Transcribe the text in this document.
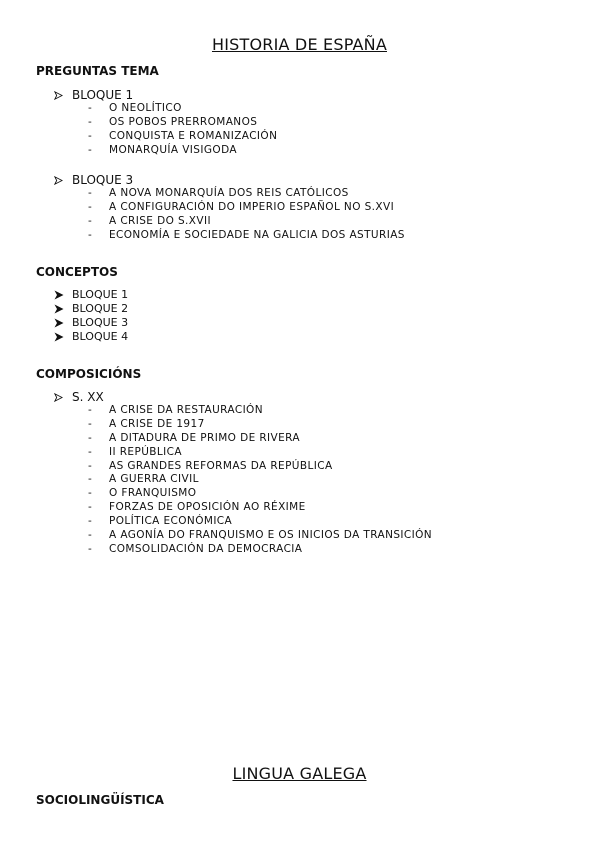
HISTORIA DE ESPAÑA
PREGUNTAS TEMA
BLOQUE 1
-	O NEOLÍTICO
-	OS POBOS PRERROMANOS
-	CONQUISTA E ROMANIZACIÓN
-	MONARQUÍA VISIGODA
BLOQUE 3
-	A NOVA MONARQUÍA DOS REIS CATÓLICOS
-	A CONFIGURACIÓN DO IMPERIO ESPAÑOL NO S.XVI
-	A CRISE DO S.XVII
-	ECONOMÍA E SOCIEDADE NA GALICIA DOS ASTURIAS
CONCEPTOS
BLOQUE 1
BLOQUE 2
BLOQUE 3
BLOQUE 4
COMPOSICIÓNS
S. XX
-	A CRISE DA RESTAURACIÓN
-	A CRISE DE 1917
-	A DITADURA DE PRIMO DE RIVERA
-	II REPÚBLICA
-	AS GRANDES REFORMAS DA REPÚBLICA
-	A GUERRA CIVIL
-	O FRANQUISMO
-	FORZAS DE OPOSICIÓN AO RÉXIME
-	POLÍTICA ECONÓMICA
-	A AGONÍA DO FRANQUISMO E OS INICIOS DA TRANSICIÓN
-	COMSOLIDACIÓN DA DEMOCRACIA
LINGUA GALEGA
SOCIOLINGÜÍSTICA
